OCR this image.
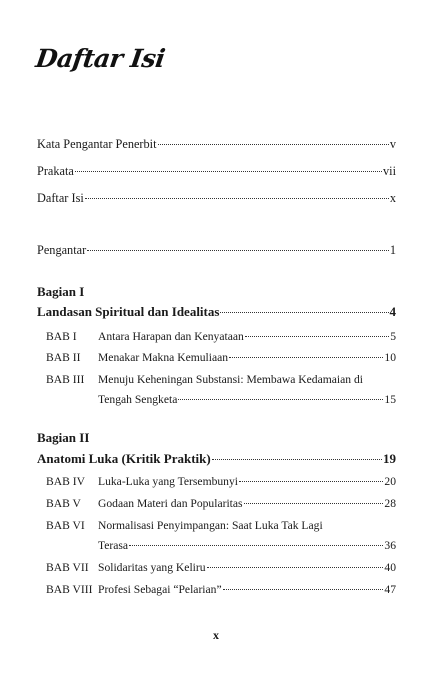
Daftar Isi
Kata Pengantar Penerbit	v
Prakata	vii
Daftar Isi	x
Pengantar	1
Bagian I
Landasan Spiritual dan Idealitas	4
BAB I Antara Harapan dan Kenyataan	5
BAB II Menakar Makna Kemuliaan	10
BAB III Menuju Keheningan Substansi: Membawa Kedamaian di
Tengah Sengketa	15
Bagian II
Anatomi Luka (Kritik Praktik)	19
BAB IV Luka-Luka yang Tersembunyi	20
BAB V Godaan Materi dan Popularitas	28
BAB VI Normalisasi Penyimpangan: Saat Luka Tak Lagi
Terasa	36
BAB VII Solidaritas yang Keliru	40
BAB VIII Profesi Sebagai “Pelarian”	47
x
